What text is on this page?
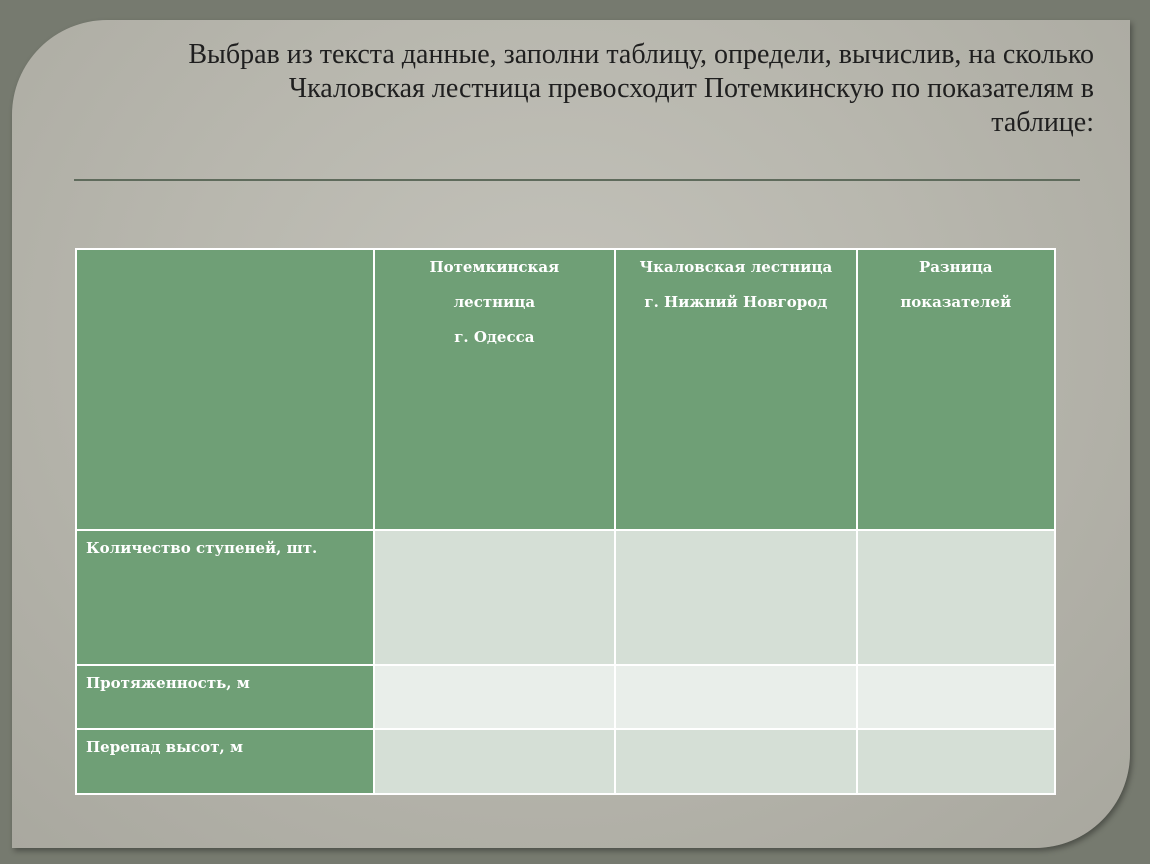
Выбрав из текста данные, заполни таблицу, определи, вычислив, на сколько
Чкаловская лестница превосходит Потемкинскую по показателям в
таблице:

	Потемкинская
лестница
г. Одесса	Чкаловская лестница
г. Нижний Новгород	Разница
показателей

Количество ступеней, шт.			
Протяженность, м			
Перепад высот, м			
